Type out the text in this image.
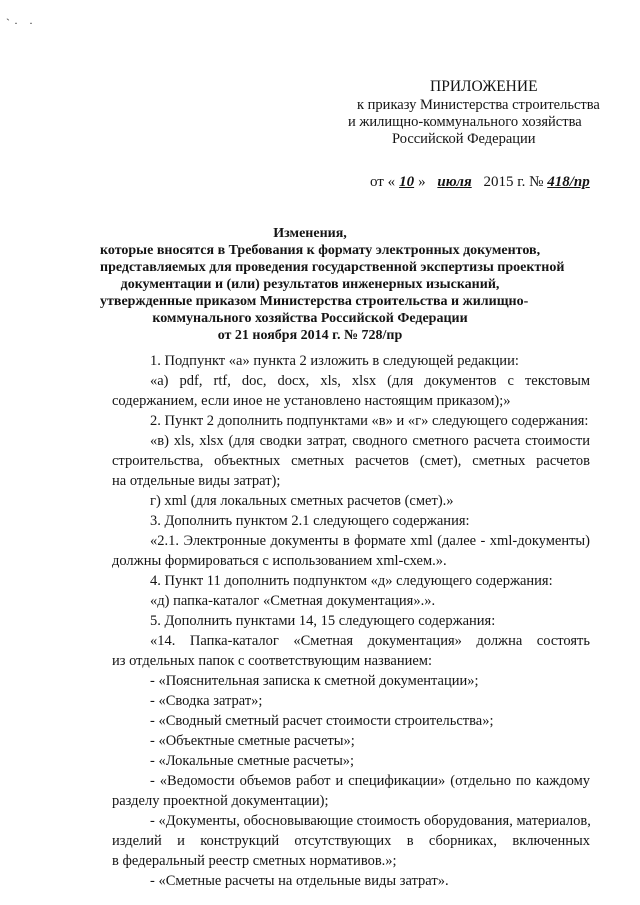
`· ·
ПРИЛОЖЕНИЕ
к приказу Министерства строительства
и жилищно-коммунального хозяйства
Российской Федерации
от « 10 » июля 2015 г. № 418/пр
Изменения,
которые вносятся в Требования к формату электронных документов,
представляемых для проведения государственной экспертизы проектной
документации и (или) результатов инженерных изысканий,
утвержденные приказом Министерства строительства и жилищно-
коммунального хозяйства Российской Федерации
от 21 ноября 2014 г. № 728/пр
1. Подпункт «а» пункта 2 изложить в следующей редакции:
«а) pdf, rtf, doc, docx, xls, xlsx (для документов с текстовым
содержанием, если иное не установлено настоящим приказом);»
2. Пункт 2 дополнить подпунктами «в» и «г» следующего содержания:
«в) xls, xlsx (для сводки затрат, сводного сметного расчета стоимости
строительства, объектных сметных расчетов (смет), сметных расчетов
на отдельные виды затрат);
г) xml (для локальных сметных расчетов (смет).»
3. Дополнить пунктом 2.1 следующего содержания:
«2.1. Электронные документы в формате xml (далее - xml-документы)
должны формироваться с использованием xml-схем.».
4. Пункт 11 дополнить подпунктом «д» следующего содержания:
«д) папка-каталог «Сметная документация».».
5. Дополнить пунктами 14, 15 следующего содержания:
«14. Папка-каталог «Сметная документация» должна состоять
из отдельных папок с соответствующим названием:
- «Пояснительная записка к сметной документации»;
- «Сводка затрат»;
- «Сводный сметный расчет стоимости строительства»;
- «Объектные сметные расчеты»;
- «Локальные сметные расчеты»;
- «Ведомости объемов работ и спецификации» (отдельно по каждому
разделу проектной документации);
- «Документы, обосновывающие стоимость оборудования, материалов,
изделий и конструкций отсутствующих в сборниках, включенных
в федеральный реестр сметных нормативов.»;
- «Сметные расчеты на отдельные виды затрат».
